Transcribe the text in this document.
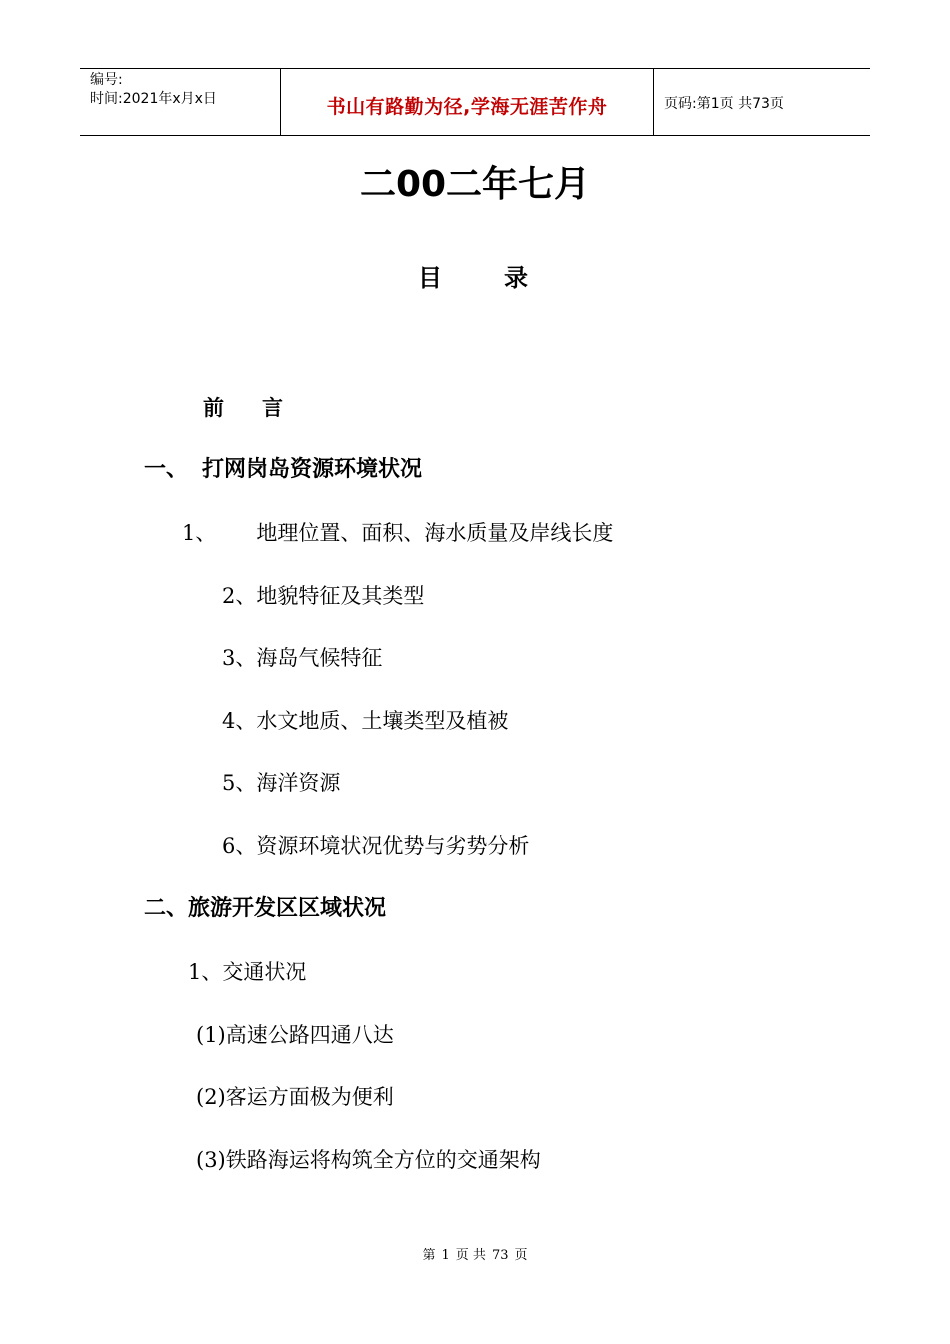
编号:
时间:2021年x月x日	书山有路勤为径,学海无涯苦作舟	页码:第1页 共73页
二00二年七月
目	录
前 言
一、 打网岗岛资源环境状况
1、 地理位置、面积、海水质量及岸线长度
2、地貌特征及其类型
3、海岛气候特征
4、水文地质、土壤类型及植被
5、海洋资源
6、资源环境状况优势与劣势分析
二、旅游开发区区域状况
1、交通状况
(1)高速公路四通八达
(2)客运方面极为便利
(3)铁路海运将构筑全方位的交通架构
第 1 页 共 73 页
